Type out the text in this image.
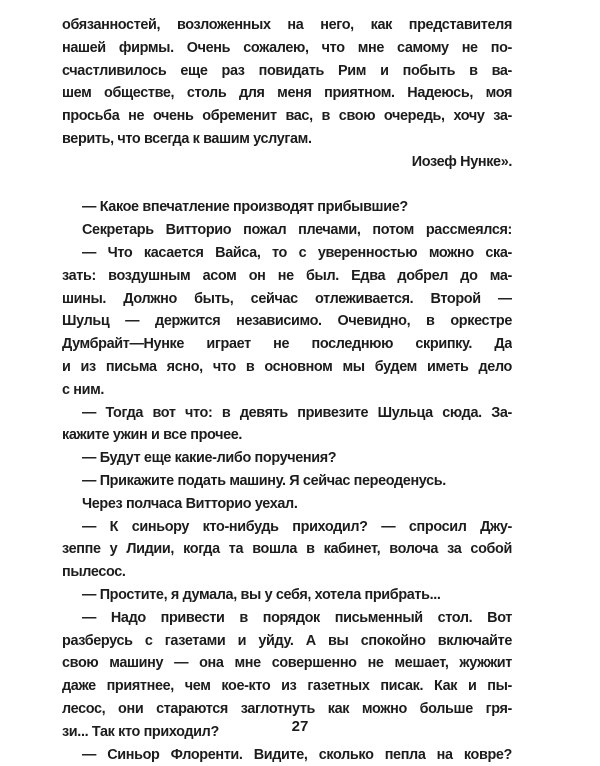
обязанностей, возложенных на него, как представителя
нашей фирмы. Очень сожалею, что мне самому не по-
счастливилось еще раз повидать Рим и побыть в ва-
шем обществе, столь для меня приятном. Надеюсь, моя
просьба не очень обременит вас, в свою очередь, хочу за-
верить, что всегда к вашим услугам.
Иозеф Нунке».
— Какое впечатление производят прибывшие?
Секретарь Витторио пожал плечами, потом рассмеялся:
— Что касается Вайса, то с уверенностью можно ска-
зать: воздушным асом он не был. Едва добрел до ма-
шины. Должно быть, сейчас отлеживается. Второй —
Шульц — держится независимо. Очевидно, в оркестре
Думбрайт—Нунке играет не последнюю скрипку. Да
и из письма ясно, что в основном мы будем иметь дело
с ним.
— Тогда вот что: в девять привезите Шульца сюда. За-
кажите ужин и все прочее.
— Будут еще какие-либо поручения?
— Прикажите подать машину. Я сейчас переоденусь.
Через полчаса Витторио уехал.
— К синьору кто-нибудь приходил? — спросил Джу-
зеппе у Лидии, когда та вошла в кабинет, волоча за собой
пылесос.
— Простите, я думала, вы у себя, хотела прибрать...
— Надо привести в порядок письменный стол. Вот
разберусь с газетами и уйду. А вы спокойно включайте
свою машину — она мне совершенно не мешает, жужжит
даже приятнее, чем кое-кто из газетных писак. Как и пы-
лесос, они стараются заглотнуть как можно больше гря-
зи... Так кто приходил?
— Синьор Флоренти. Видите, сколько пепла на ковре?
27
